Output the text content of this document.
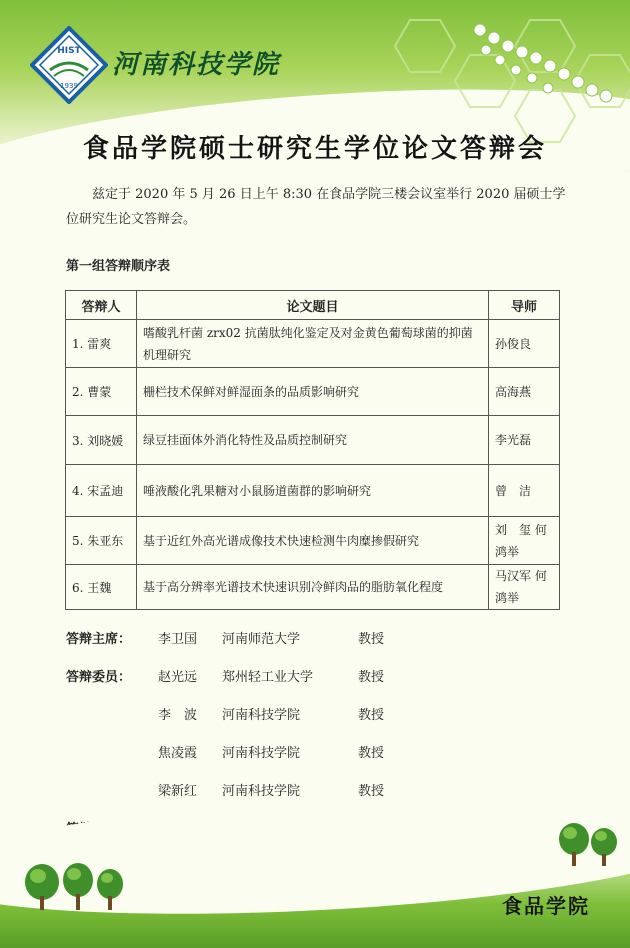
HIST
1939
河南科技学院
食品学院硕士研究生学位论文答辩会
兹定于 2020 年 5 月 26 日上午 8:30 在食品学院三楼会议室举行 2020 届硕士学位研究生论文答辩会。
第一组答辩顺序表
答辩人	论文题目	导师
1. 雷爽	嗜酸乳杆菌 zrx02 抗菌肽纯化鉴定及对金黄色葡萄球菌的抑菌机理研究	孙俊良
2. 曹蒙	栅栏技术保鲜对鲜湿面条的品质影响研究	高海燕
3. 刘晓媛	绿豆挂面体外消化特性及品质控制研究	李光磊
4. 宋孟迪	唾液酸化乳果糖对小鼠肠道菌群的影响研究	曾　洁
5. 朱亚东	基于近红外高光谱成像技术快速检测牛肉糜掺假研究	刘　玺 何鸿举
6. 王魏	基于高分辨率光谱技术快速识别冷鲜肉品的脂肪氧化程度	马汉军 何鸿举
答辩主席：	李卫国	河南师范大学	教授
答辩委员：	赵光远	郑州轻工业大学	教授
李　波	河南科技学院	教授
焦凌霞	河南科技学院	教授
梁新红	河南科技学院	教授
食品学院
